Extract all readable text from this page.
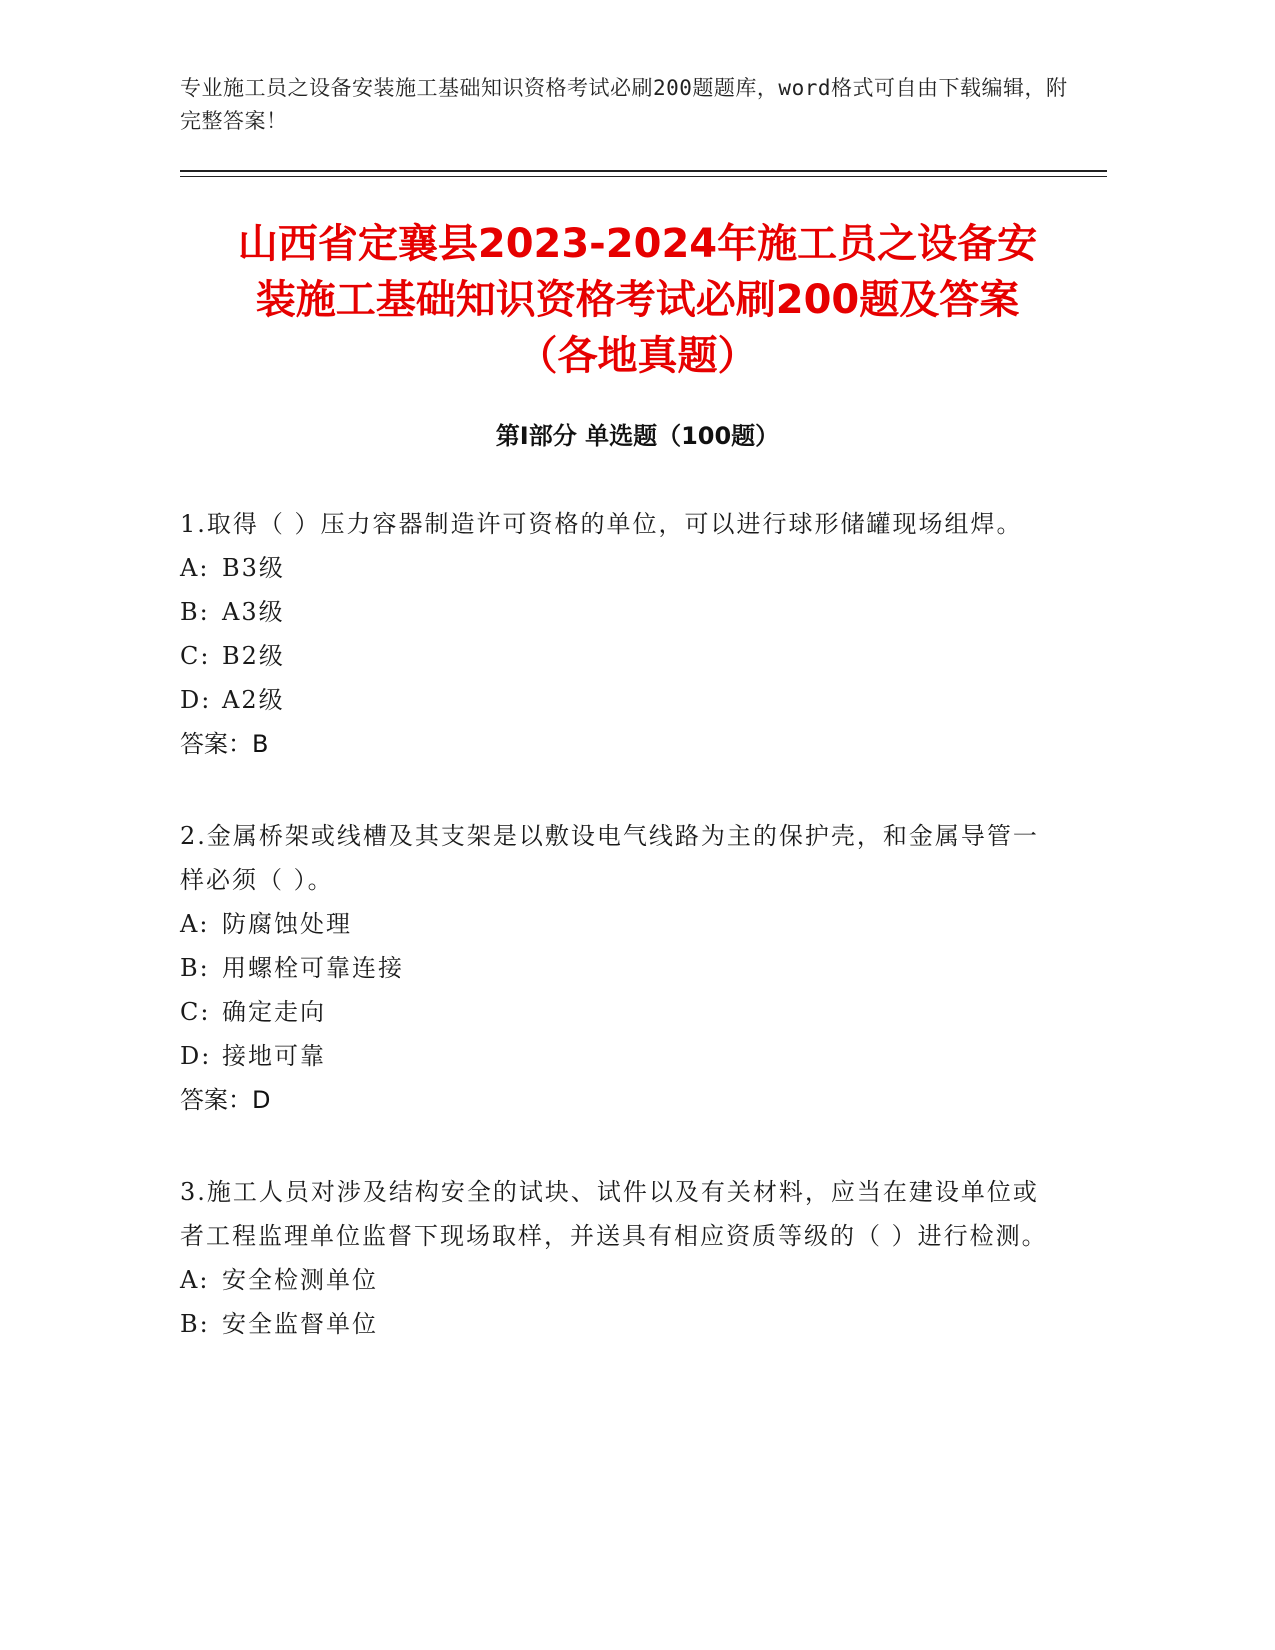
专业施工员之设备安装施工基础知识资格考试必刷200题题库，word格式可自由下载编辑，附完整答案！
山西省定襄县2023-2024年施工员之设备安
装施工基础知识资格考试必刷200题及答案
（各地真题）
第Ⅰ部分 单选题（100题）
1.取得（ ）压力容器制造许可资格的单位，可以进行球形储罐现场组焊。
A: B3级
B: A3级
C: B2级
D: A2级
答案：B
2.金属桥架或线槽及其支架是以敷设电气线路为主的保护壳，和金属导管一样必须（ ）。
A: 防腐蚀处理
B: 用螺栓可靠连接
C: 确定走向
D: 接地可靠
答案：D
3.施工人员对涉及结构安全的试块、试件以及有关材料，应当在建设单位或者工程监理单位监督下现场取样，并送具有相应资质等级的（ ）进行检测。
A: 安全检测单位
B: 安全监督单位
